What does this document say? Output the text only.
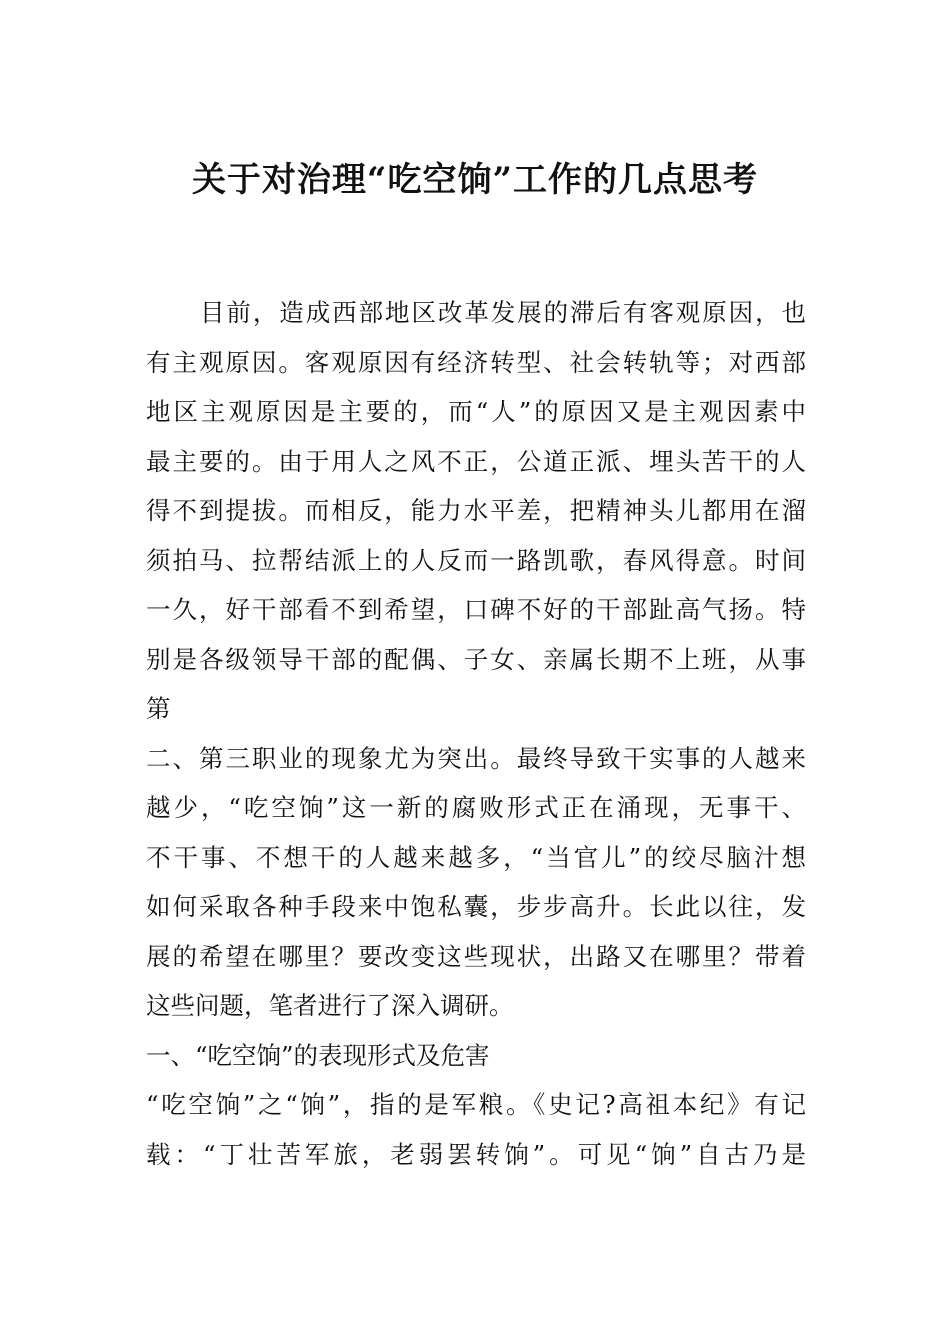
关于对治理“吃空饷”工作的几点思考
目前，造成西部地区改革发展的滞后有客观原因，也
有主观原因。客观原因有经济转型、社会转轨等；对西部
地区主观原因是主要的，而“人”的原因又是主观因素中
最主要的。由于用人之风不正，公道正派、埋头苦干的人
得不到提拔。而相反，能力水平差，把精神头儿都用在溜
须拍马、拉帮结派上的人反而一路凯歌，春风得意。时间
一久，好干部看不到希望，口碑不好的干部趾高气扬。特
别是各级领导干部的配偶、子女、亲属长期不上班，从事
第
二、第三职业的现象尤为突出。最终导致干实事的人越来
越少，“吃空饷”这一新的腐败形式正在涌现，无事干、
不干事、不想干的人越来越多，“当官儿”的绞尽脑汁想
如何采取各种手段来中饱私囊，步步高升。长此以往，发
展的希望在哪里？要改变这些现状，出路又在哪里？带着
这些问题，笔者进行了深入调研。
一、“吃空饷”的表现形式及危害
“吃空饷”之“饷”，指的是军粮。《史记?高祖本纪》有记
载：“丁壮苦军旅，老弱罢转饷”。可见“饷”自古乃是
